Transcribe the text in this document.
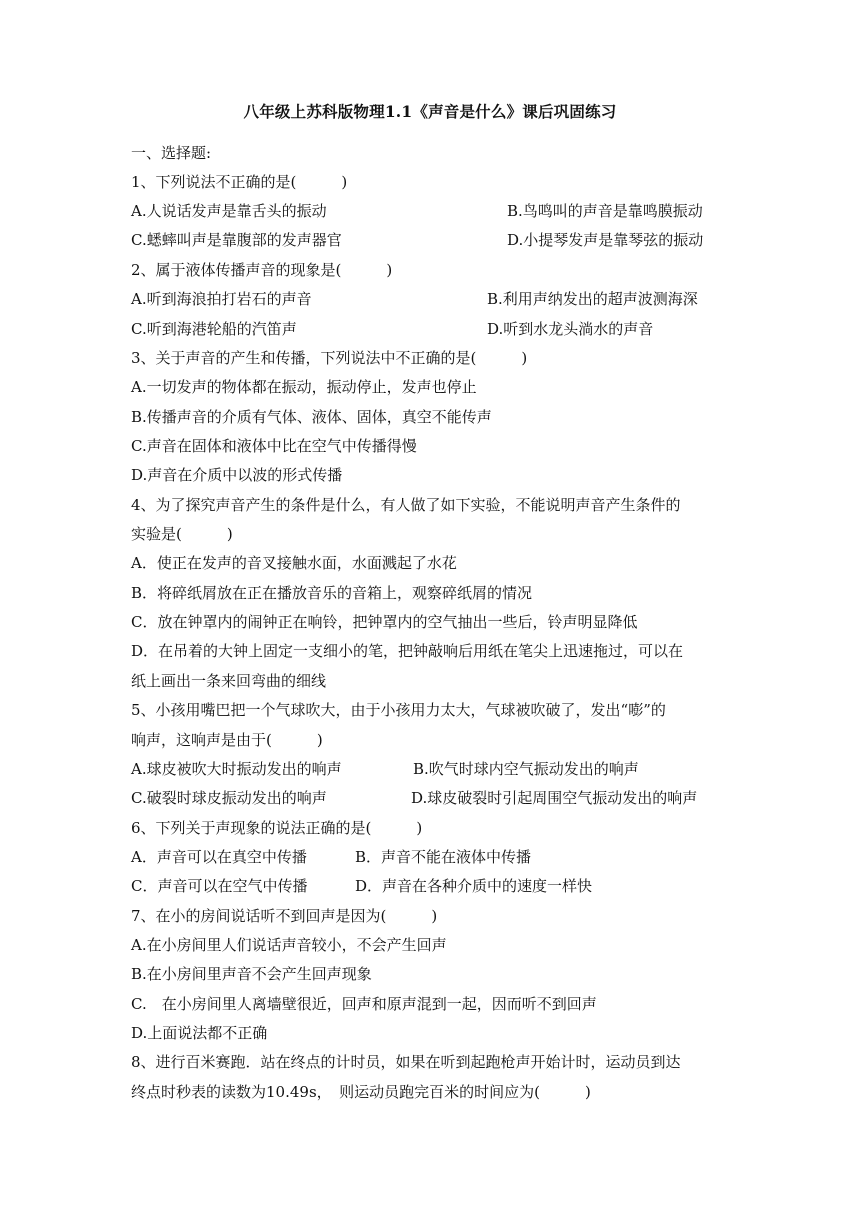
八年级上苏科版物理1.1《声音是什么》课后巩固练习
一、选择题:
1、下列说法不正确的是(　　　)
A.人说话发声是靠舌头的振动	B.鸟鸣叫的声音是靠鸣膜振动
C.蟋蟀叫声是靠腹部的发声器官	D.小提琴发声是靠琴弦的振动
2、属于液体传播声音的现象是(　　　)
A.听到海浪拍打岩石的声音	B.利用声纳发出的超声波测海深
C.听到海港轮船的汽笛声	D.听到水龙头淌水的声音
3、关于声音的产生和传播，下列说法中不正确的是(　　　)
A.一切发声的物体都在振动，振动停止，发声也停止
B.传播声音的介质有气体、液体、固体，真空不能传声
C.声音在固体和液体中比在空气中传播得慢
D.声音在介质中以波的形式传播
4、为了探究声音产生的条件是什么，有人做了如下实验，不能说明声音产生条件的
实验是(　　　)
A．使正在发声的音叉接触水面，水面溅起了水花
B．将碎纸屑放在正在播放音乐的音箱上，观察碎纸屑的情况
C．放在钟罩内的闹钟正在响铃，把钟罩内的空气抽出一些后，铃声明显降低
D．在吊着的大钟上固定一支细小的笔，把钟敲响后用纸在笔尖上迅速拖过，可以在
纸上画出一条来回弯曲的细线
5、小孩用嘴巴把一个气球吹大，由于小孩用力太大，气球被吹破了，发出“嘭”的
响声，这响声是由于(　　　)
A.球皮被吹大时振动发出的响声	B.吹气时球内空气振动发出的响声
C.破裂时球皮振动发出的响声	D.球皮破裂时引起周围空气振动发出的响声
6、下列关于声现象的说法正确的是(　　　)
A．声音可以在真空中传播	B．声音不能在液体中传播
C．声音可以在空气中传播	D．声音在各种介质中的速度一样快
7、在小的房间说话听不到回声是因为(　　　)
A.在小房间里人们说话声音较小，不会产生回声
B.在小房间里声音不会产生回声现象
C.　在小房间里人离墙壁很近，回声和原声混到一起，因而听不到回声
D.上面说法都不正确
8、进行百米赛跑．站在终点的计时员，如果在听到起跑枪声开始计时，运动员到达
终点时秒表的读数为10.49s，　则运动员跑完百米的时间应为(　　　)
